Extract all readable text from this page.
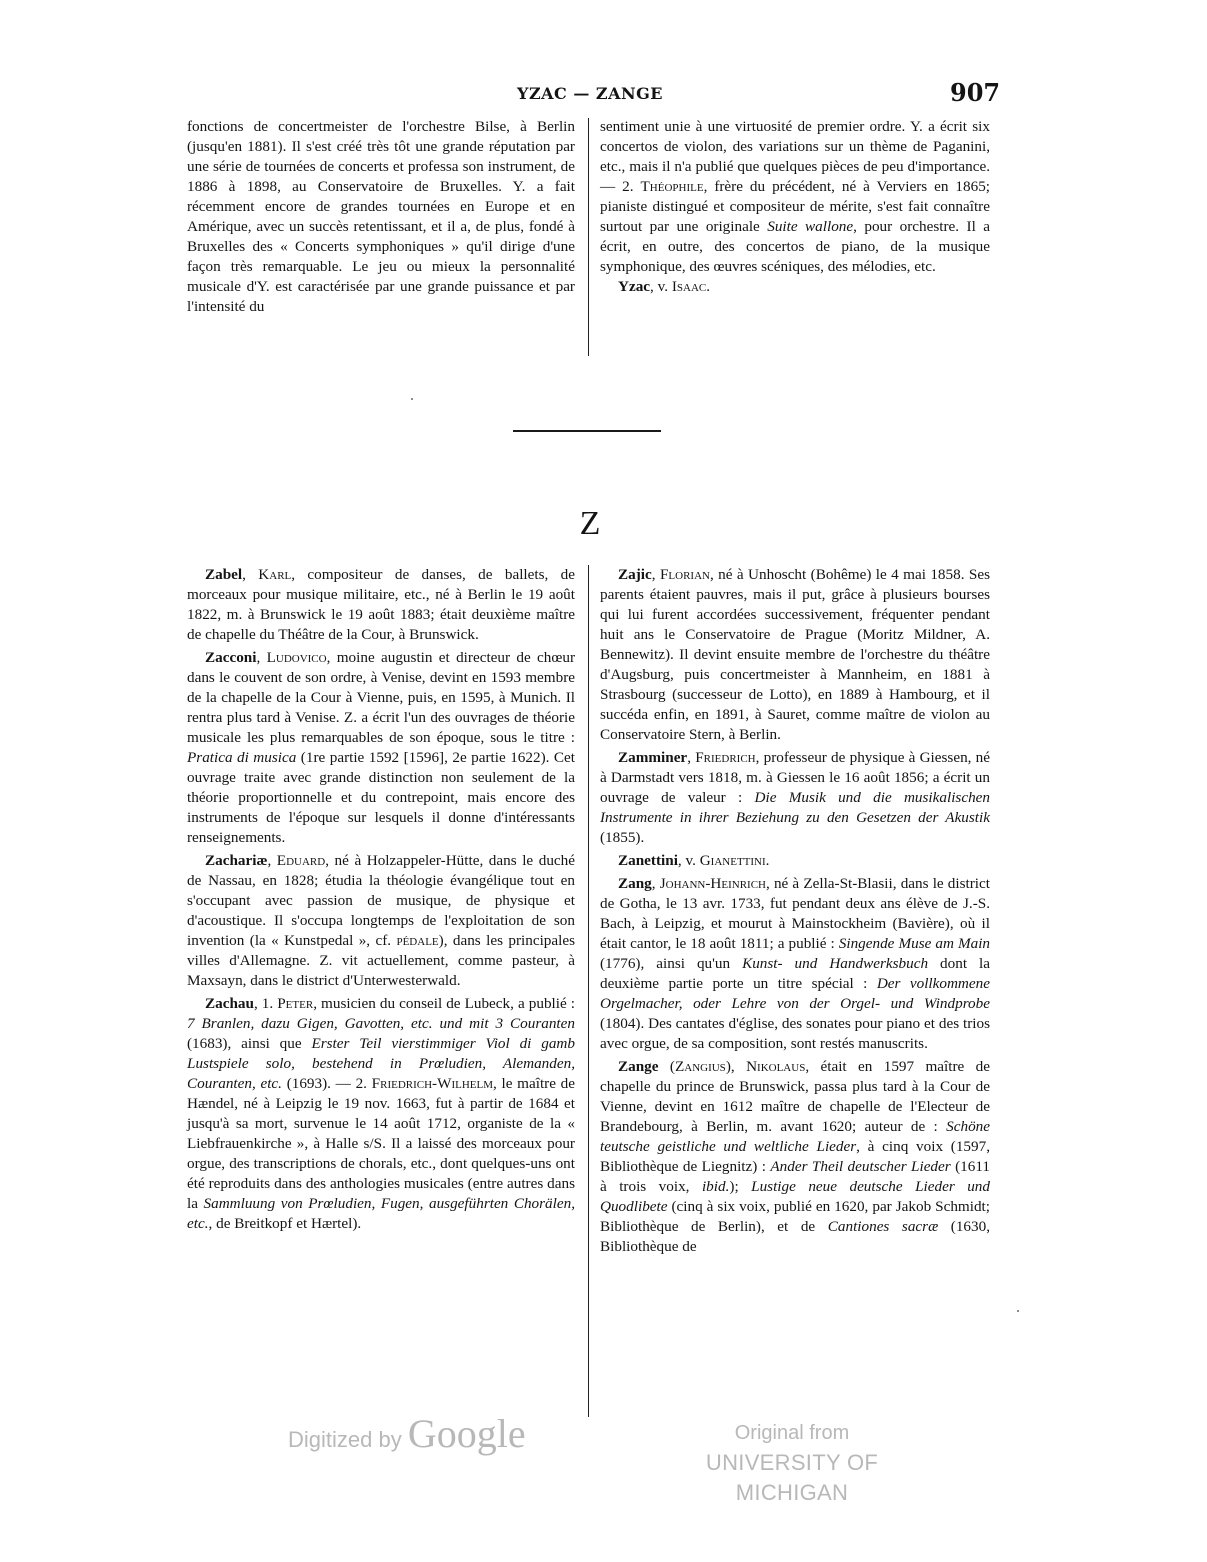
YZAC — ZANGE	907

fonctions de concertmeister de l'orchestre Bilse, à Berlin (jusqu'en 1881). Il s'est créé très tôt une grande réputation par une série de tournées de concerts et professa son instrument, de 1886 à 1898, au Conservatoire de Bruxelles. Y. a fait récemment encore de grandes tournées en Europe et en Amérique, avec un succès retentissant, et il a, de plus, fondé à Bruxelles des « Concerts symphoniques » qu'il dirige d'une façon très remarquable. Le jeu ou mieux la personnalité musicale d'Y. est caractérisée par une grande puissance et par l'intensité du

sentiment unie à une virtuosité de premier ordre. Y. a écrit six concertos de violon, des variations sur un thème de Paganini, etc., mais il n'a publié que quelques pièces de peu d'importance. — 2. Théophile, frère du précédent, né à Verviers en 1865; pianiste distingué et compositeur de mérite, s'est fait connaître surtout par une originale Suite wallone, pour orchestre. Il a écrit, en outre, des concertos de piano, de la musique symphonique, des œuvres scéniques, des mélodies, etc.

Yzac, v. Isaac.

Z

Zabel, Karl, compositeur de danses, de ballets, de morceaux pour musique militaire, etc., né à Berlin le 19 août 1822, m. à Brunswick le 19 août 1883; était deuxième maître de chapelle du Théâtre de la Cour, à Brunswick.

Zacconi, Ludovico, moine augustin et directeur de chœur dans le couvent de son ordre, à Venise, devint en 1593 membre de la chapelle de la Cour à Vienne, puis, en 1595, à Munich. Il rentra plus tard à Venise. Z. a écrit l'un des ouvrages de théorie musicale les plus remarquables de son époque, sous le titre : Pratica di musica (1re partie 1592 [1596], 2e partie 1622). Cet ouvrage traite avec grande distinction non seulement de la théorie proportionnelle et du contrepoint, mais encore des instruments de l'époque sur lesquels il donne d'intéressants renseignements.

Zachariæ, Eduard, né à Holzappeler-Hütte, dans le duché de Nassau, en 1828; étudia la théologie évangélique tout en s'occupant avec passion de musique, de physique et d'acoustique. Il s'occupa longtemps de l'exploitation de son invention (la « Kunstpedal », cf. pédale), dans les principales villes d'Allemagne. Z. vit actuellement, comme pasteur, à Maxsayn, dans le district d'Unterwesterwald.

Zachau, 1. Peter, musicien du conseil de Lubeck, a publié : 7 Branlen, dazu Gigen, Gavotten, etc. und mit 3 Couranten (1683), ainsi que Erster Teil vierstimmiger Viol di gamb Lustspiele solo, bestehend in Prœludien, Alemanden, Couranten, etc. (1693). — 2. Friedrich-Wilhelm, le maître de Hændel, né à Leipzig le 19 nov. 1663, fut à partir de 1684 et jusqu'à sa mort, survenue le 14 août 1712, organiste de la « Liebfrauenkirche », à Halle s/S. Il a laissé des morceaux pour orgue, des transcriptions de chorals, etc., dont quelques-uns ont été reproduits dans des anthologies musicales (entre autres dans la Sammluung von Prœludien, Fugen, ausgeführten Chorälen, etc., de Breitkopf et Hærtel).

Zajic, Florian, né à Unhoscht (Bohême) le 4 mai 1858. Ses parents étaient pauvres, mais il put, grâce à plusieurs bourses qui lui furent accordées successivement, fréquenter pendant huit ans le Conservatoire de Prague (Moritz Mildner, A. Bennewitz). Il devint ensuite membre de l'orchestre du théâtre d'Augsburg, puis concertmeister à Mannheim, en 1881 à Strasbourg (successeur de Lotto), en 1889 à Hambourg, et il succéda enfin, en 1891, à Sauret, comme maître de violon au Conservatoire Stern, à Berlin.

Zamminer, Friedrich, professeur de physique à Giessen, né à Darmstadt vers 1818, m. à Giessen le 16 août 1856; a écrit un ouvrage de valeur : Die Musik und die musikalischen Instrumente in ihrer Beziehung zu den Gesetzen der Akustik (1855).

Zanettini, v. Gianettini.

Zang, Johann-Heinrich, né à Zella-St-Blasii, dans le district de Gotha, le 13 avr. 1733, fut pendant deux ans élève de J.-S. Bach, à Leipzig, et mourut à Mainstockheim (Bavière), où il était cantor, le 18 août 1811; a publié : Singende Muse am Main (1776), ainsi qu'un Kunst- und Handwerksbuch dont la deuxième partie porte un titre spécial : Der vollkommene Orgelmacher, oder Lehre von der Orgel- und Windprobe (1804). Des cantates d'église, des sonates pour piano et des trios avec orgue, de sa composition, sont restés manuscrits.

Zange (Zangius), Nikolaus, était en 1597 maître de chapelle du prince de Brunswick, passa plus tard à la Cour de Vienne, devint en 1612 maître de chapelle de l'Electeur de Brandebourg, à Berlin, m. avant 1620; auteur de : Schöne teutsche geistliche und weltliche Lieder, à cinq voix (1597, Bibliothèque de Liegnitz) : Ander Theil deutscher Lieder (1611 à trois voix, ibid.); Lustige neue deutsche Lieder und Quodlibete (cinq à six voix, publié en 1620, par Jakob Schmidt; Bibliothèque de Berlin), et de Cantiones sacræ (1630, Bibliothèque de

Digitized by Google	Original from
UNIVERSITY OF MICHIGAN
